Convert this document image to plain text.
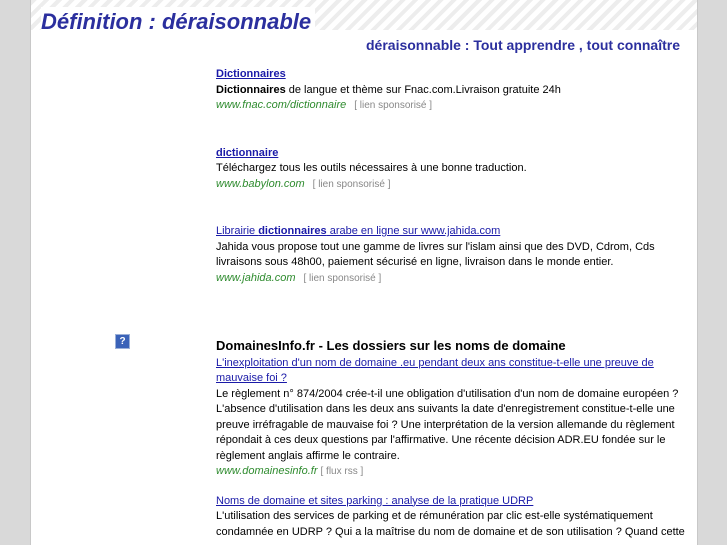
Définition : déraisonnable
déraisonnable : Tout apprendre , tout connaître
?
Dictionnaires
Dictionnaires de langue et thème sur Fnac.com.Livraison gratuite 24h
www.fnac.com/dictionnaire [ lien sponsorisé ]
dictionnaire
Téléchargez tous les outils nécessaires à une bonne traduction.
www.babylon.com [ lien sponsorisé ]
Librairie dictionnaires arabe en ligne sur www.jahida.com
Jahida vous propose tout une gamme de livres sur l'islam ainsi que des DVD, Cdrom, Cds livraisons sous 48h00, paiement sécurisé en ligne, livraison dans le monde entier.
www.jahida.com [ lien sponsorisé ]
DomainesInfo.fr - Les dossiers sur les noms de domaine
L'inexploitation d'un nom de domaine .eu pendant deux ans constitue-t-elle une preuve de mauvaise foi ?
Le règlement n° 874/2004 crée-t-il une obligation d'utilisation d'un nom de domaine européen ? L'absence d'utilisation dans les deux ans suivants la date d'enregistrement constitue-t-elle une preuve irréfragable de mauvaise foi ? Une interprétation de la version allemande du règlement répondait à ces deux questions par l'affirmative. Une récente décision ADR.EU fondée sur le règlement anglais affirme le contraire.
www.domainesinfo.fr [ flux rss ]
Noms de domaine et sites parking : analyse de la pratique UDRP
L'utilisation des services de parking et de rémunération par clic est-elle systématiquement condamnée en UDRP ? Qui a la maîtrise du nom de domaine et de son utilisation ? Quand cette
